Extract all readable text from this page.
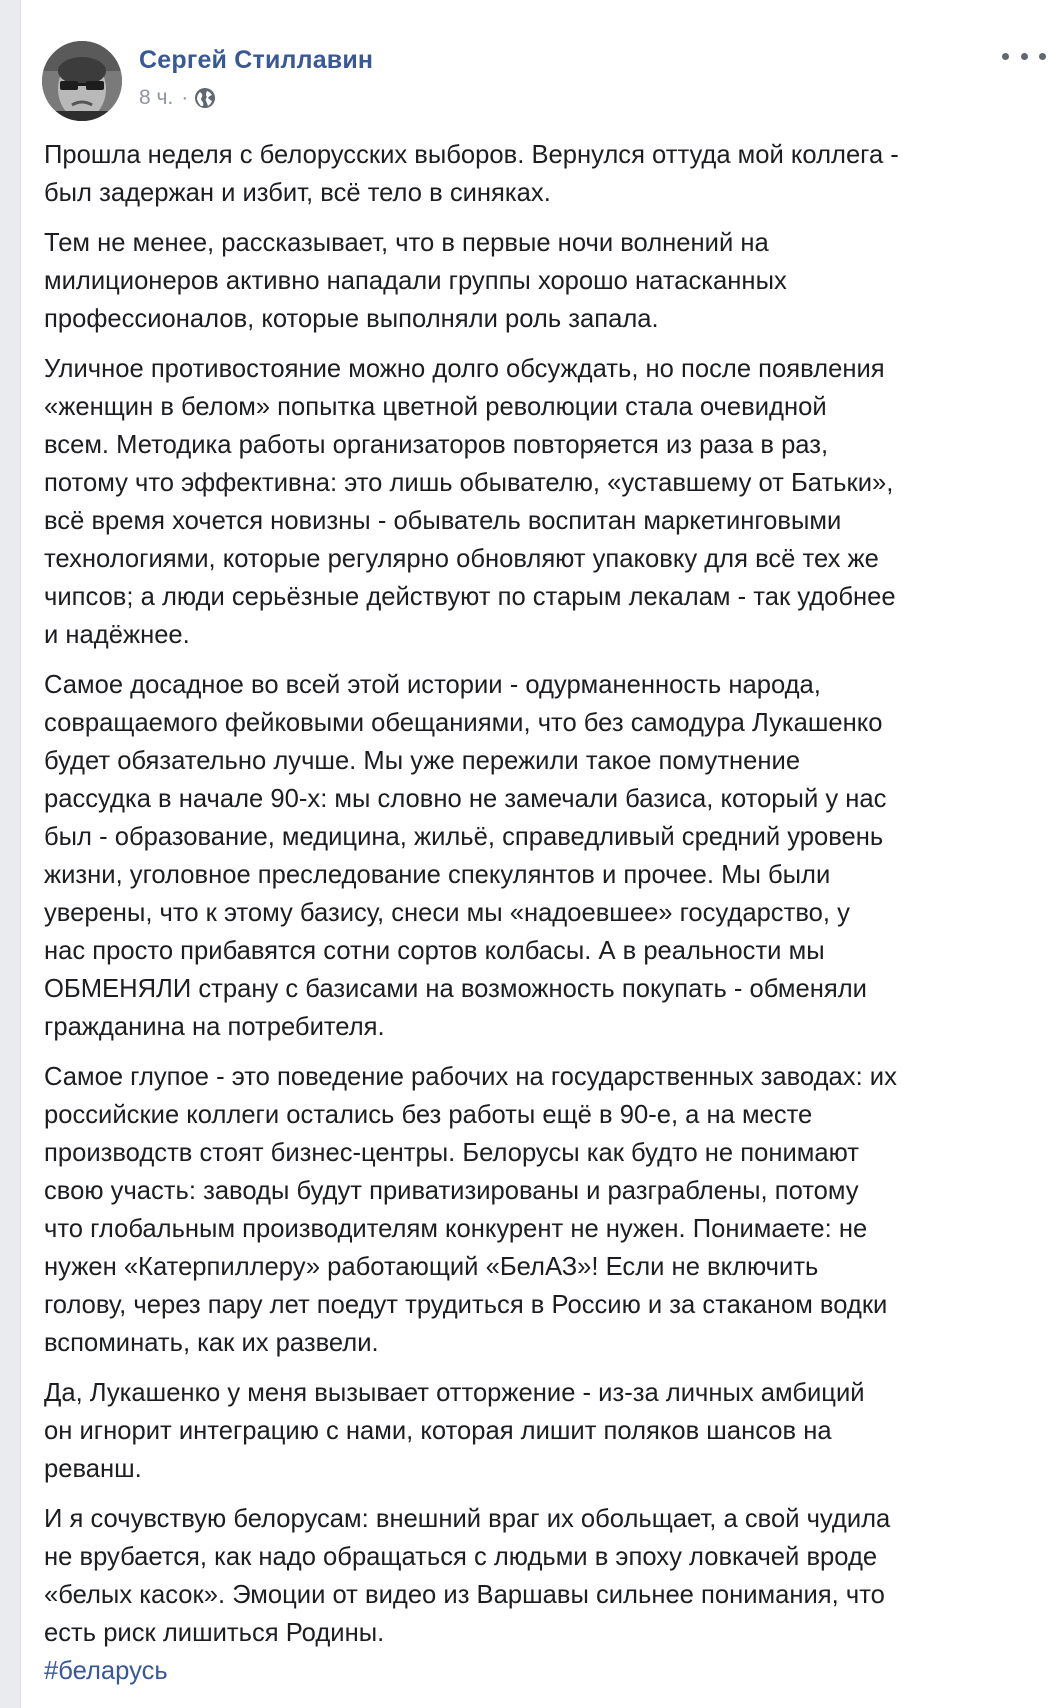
Сергей Стиллавин
8 ч. ·

Прошла неделя с белорусских выборов. Вернулся оттуда мой коллега -
был задержан и избит, всё тело в синяках.

Тем не менее, рассказывает, что в первые ночи волнений на
милиционеров активно нападали группы хорошо натасканных
профессионалов, которые выполняли роль запала.

Уличное противостояние можно долго обсуждать, но после появления
«женщин в белом» попытка цветной революции стала очевидной
всем. Методика работы организаторов повторяется из раза в раз,
потому что эффективна: это лишь обывателю, «уставшему от Батьки»,
всё время хочется новизны - обыватель воспитан маркетинговыми
технологиями, которые регулярно обновляют упаковку для всё тех же
чипсов; а люди серьёзные действуют по старым лекалам - так удобнее
и надёжнее.

Самое досадное во всей этой истории - одурманенность народа,
совращаемого фейковыми обещаниями, что без самодура Лукашенко
будет обязательно лучше. Мы уже пережили такое помутнение
рассудка в начале 90-х: мы словно не замечали базиса, который у нас
был - образование, медицина, жильё, справедливый средний уровень
жизни, уголовное преследование спекулянтов и прочее. Мы были
уверены, что к этому базису, снеси мы «надоевшее» государство, у
нас просто прибавятся сотни сортов колбасы. А в реальности мы
ОБМЕНЯЛИ страну с базисами на возможность покупать - обменяли
гражданина на потребителя.

Самое глупое - это поведение рабочих на государственных заводах: их
российские коллеги остались без работы ещё в 90-е, а на месте
производств стоят бизнес-центры. Белорусы как будто не понимают
свою участь: заводы будут приватизированы и разграблены, потому
что глобальным производителям конкурент не нужен. Понимаете: не
нужен «Катерпиллеру» работающий «БелАЗ»! Если не включить
голову, через пару лет поедут трудиться в Россию и за стаканом водки
вспоминать, как их развели.

Да, Лукашенко у меня вызывает отторжение - из-за личных амбиций
он игнорит интеграцию с нами, которая лишит поляков шансов на
реванш.

И я сочувствую белорусам: внешний враг их обольщает, а свой чудила
не врубается, как надо обращаться с людьми в эпоху ловкачей вроде
«белых касок». Эмоции от видео из Варшавы сильнее понимания, что
есть риск лишиться Родины.

#беларусь
